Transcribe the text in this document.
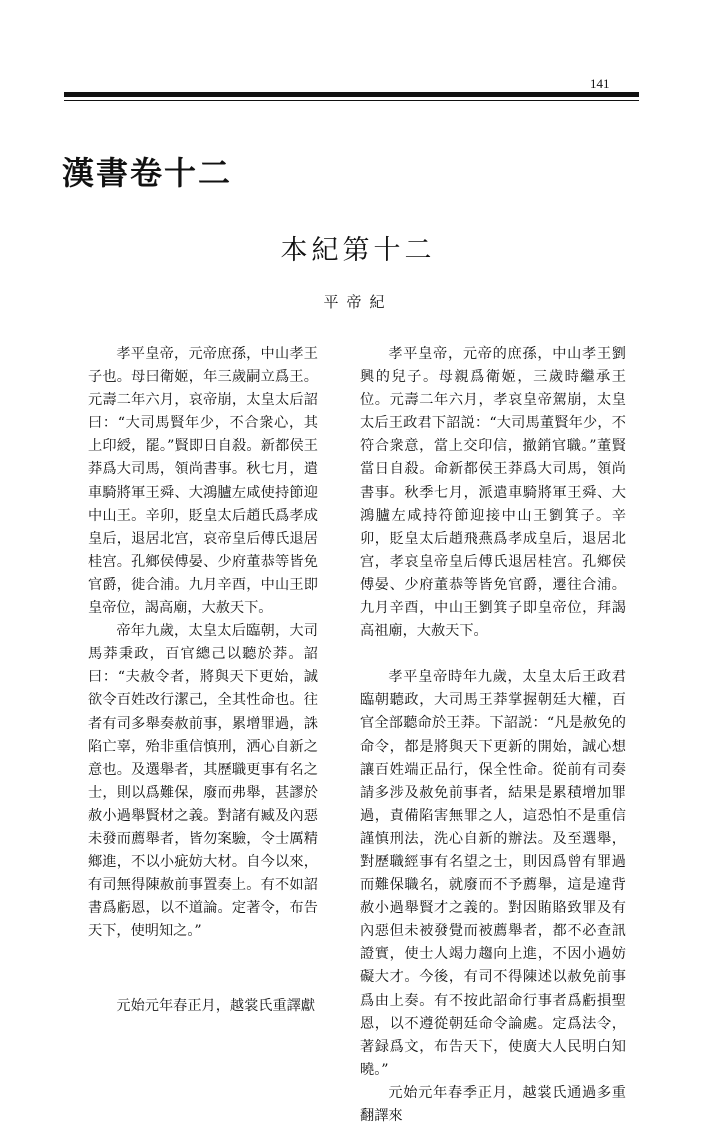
141
漢書卷十二
本紀第十二
平帝紀

孝平皇帝，元帝庶孫，中山孝王子也。母曰衛姬，年三歲嗣立爲王。元壽二年六月，哀帝崩，太皇太后詔曰：“大司馬賢年少，不合衆心，其上印綬，罷。”賢即日自殺。新都侯王莽爲大司馬，領尚書事。秋七月，遣車騎將軍王舜、大鴻臚左咸使持節迎中山王。辛卯，貶皇太后趙氏爲孝成皇后，退居北宫，哀帝皇后傅氏退居桂宫。孔鄉侯傅晏、少府董恭等皆免官爵，徙合浦。九月辛酉，中山王即皇帝位，謁高廟，大赦天下。

帝年九歲，太皇太后臨朝，大司馬莽秉政，百官總己以聽於莽。詔曰：“夫赦令者，將與天下更始，誠欲令百姓改行潔己，全其性命也。往者有司多舉奏赦前事，累增罪過，誅陷亡辜，殆非重信慎刑，洒心自新之意也。及選舉者，其歷職更事有名之士，則以爲難保，廢而弗舉，甚謬於赦小過舉賢材之義。對諸有臧及內惡未發而薦舉者，皆勿案驗，令士厲精鄉進，不以小疵妨大材。自今以來，有司無得陳赦前事置奏上。有不如詔書爲虧恩，以不道論。定著令，布告天下，使明知之。”

元始元年春正月，越裳氏重譯獻

孝平皇帝，元帝的庶孫，中山孝王劉興的兒子。母親爲衛姬，三歲時繼承王位。元壽二年六月，孝哀皇帝駕崩，太皇太后王政君下詔説：“大司馬董賢年少，不符合衆意，當上交印信，撤銷官職。”董賢當日自殺。命新都侯王莽爲大司馬，領尚書事。秋季七月，派遣車騎將軍王舜、大鴻臚左咸持符節迎接中山王劉箕子。辛卯，貶皇太后趙飛燕爲孝成皇后，退居北宫，孝哀皇帝皇后傅氏退居桂宫。孔鄉侯傅晏、少府董恭等皆免官爵，遷往合浦。九月辛酉，中山王劉箕子即皇帝位，拜謁高祖廟，大赦天下。

孝平皇帝時年九歲，太皇太后王政君臨朝聽政，大司馬王莽掌握朝廷大權，百官全部聽命於王莽。下詔説：“凡是赦免的命令，都是將與天下更新的開始，誠心想讓百姓端正品行，保全性命。從前有司奏請多涉及赦免前事者，結果是累積增加罪過，責備陷害無罪之人，這恐怕不是重信謹慎刑法，洗心自新的辦法。及至選舉，對歷職經事有名望之士，則因爲曾有罪過而難保職名，就廢而不予薦舉，這是違背赦小過舉賢才之義的。對因賄賂致罪及有內惡但未被發覺而被薦舉者，都不必查訊證實，使士人竭力趨向上進，不因小過妨礙大才。今後，有司不得陳述以赦免前事爲由上奏。有不按此詔命行事者爲虧損聖恩，以不遵從朝廷命令論處。定爲法令，著録爲文，布告天下，使廣大人民明白知曉。”

元始元年春季正月，越裳氏通過多重翻譯來
